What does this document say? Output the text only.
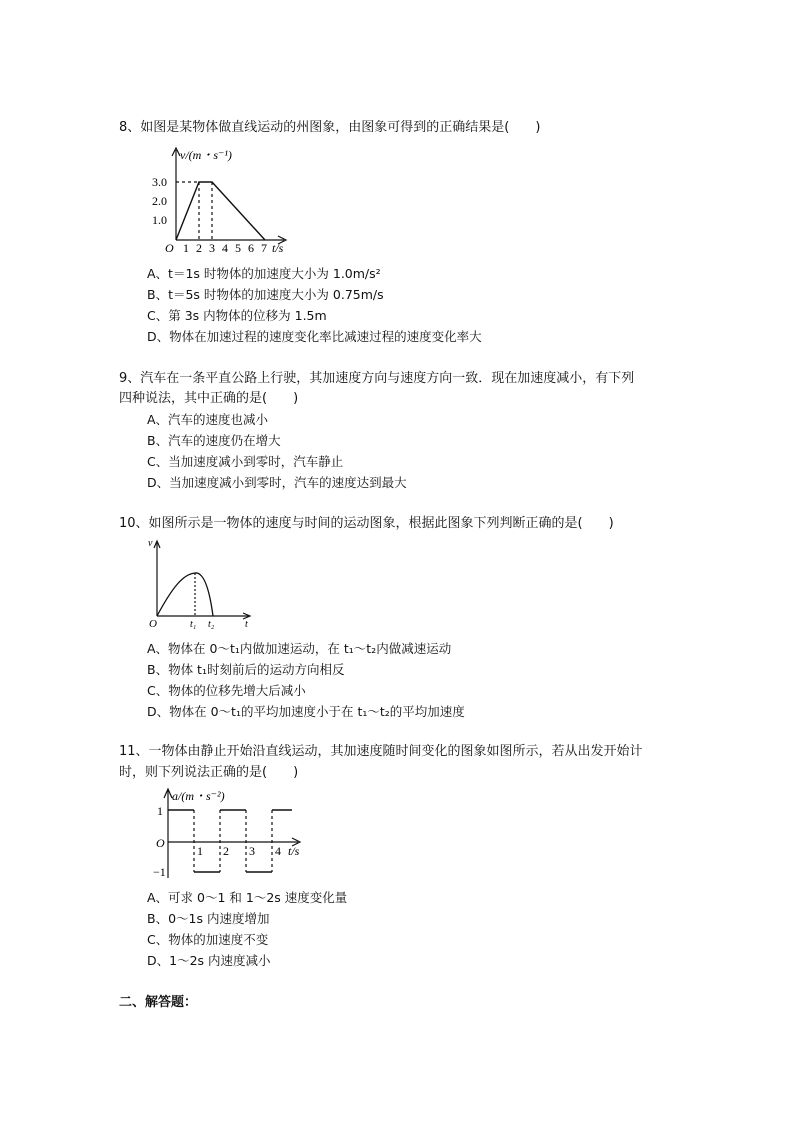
8、如图是某物体做直线运动的州图象，由图象可得到的正确结果是(　　)
v/(m・s⁻¹)
3.0
2.0
1.0
O 1 2 3 4 5 6 7 t/s
A、t＝1s 时物体的加速度大小为 1.0m/s²
B、t＝5s 时物体的加速度大小为 0.75m/s
C、第 3s 内物体的位移为 1.5m
D、物体在加速过程的速度变化率比减速过程的速度变化率大
9、汽车在一条平直公路上行驶，其加速度方向与速度方向一致．现在加速度减小，有下列
四种说法，其中正确的是(　　)
A、汽车的速度也减小
B、汽车的速度仍在增大
C、当加速度减小到零时，汽车静止
D、当加速度减小到零时，汽车的速度达到最大
10、如图所示是一物体的速度与时间的运动图象，根据此图象下列判断正确的是(　　)
v
O	t₁ t₂	t
A、物体在 0～t₁内做加速运动，在 t₁～t₂内做减速运动
B、物体 t₁时刻前后的运动方向相反
C、物体的位移先增大后减小
D、物体在 0～t₁的平均加速度小于在 t₁～t₂的平均加速度
11、一物体由静止开始沿直线运动，其加速度随时间变化的图象如图所示，若从出发开始计
时，则下列说法正确的是(　　)
a/(m・s⁻²)
1
−1
O
1 2 3 4 t/s
A、可求 0～1 和 1～2s 速度变化量
B、0～1s 内速度增加
C、物体的加速度不变
D、1～2s 内速度减小
二、解答题：
